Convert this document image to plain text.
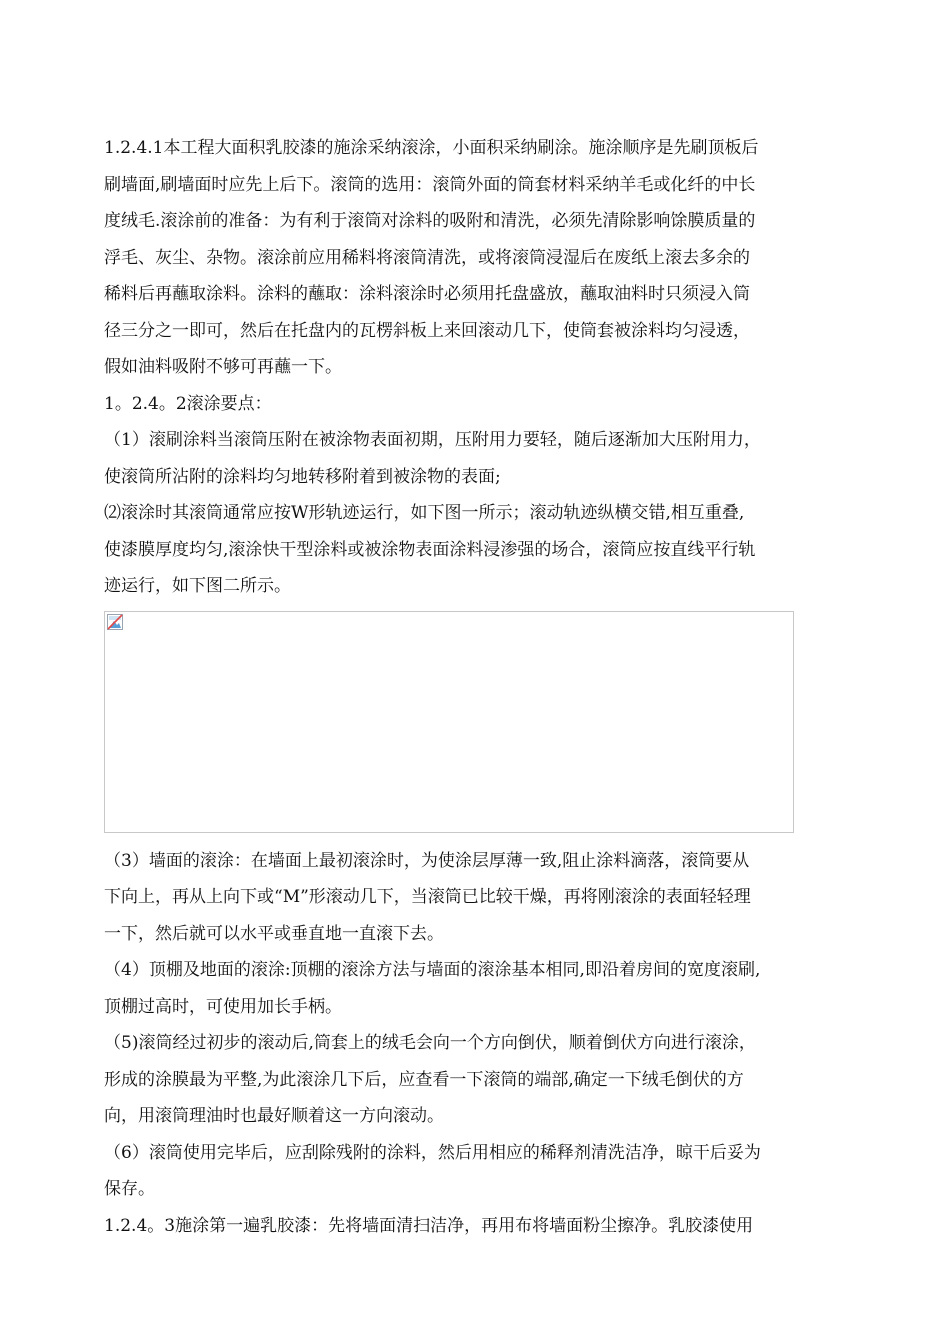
1.2.4.1本工程大面积乳胶漆的施涂采纳滚涂，小面积采纳刷涂。施涂顺序是先刷顶板后
刷墙面,刷墙面时应先上后下。滚筒的选用：滚筒外面的筒套材料采纳羊毛或化纤的中长
度绒毛.滚涂前的准备：为有利于滚筒对涂料的吸附和清洗，必须先清除影响馀膜质量的
浮毛、灰尘、杂物。滚涂前应用稀料将滚筒清洗，或将滚筒浸湿后在废纸上滚去多余的
稀料后再蘸取涂料。涂料的蘸取：涂料滚涂时必须用托盘盛放，蘸取油料时只须浸入筒
径三分之一即可，然后在托盘内的瓦楞斜板上来回滚动几下，使筒套被涂料均匀浸透，
假如油料吸附不够可再蘸一下。

1。2.4。2滚涂要点：

（1）滚刷涂料当滚筒压附在被涂物表面初期，压附用力要轻，随后逐渐加大压附用力，
使滚筒所沾附的涂料均匀地转移附着到被涂物的表面;

⑵滚涂时其滚筒通常应按W形轨迹运行，如下图一所示；滚动轨迹纵横交错,相互重叠,
使漆膜厚度均匀,滚涂快干型涂料或被涂物表面涂料浸渗强的场合，滚筒应按直线平行轨
迹运行，如下图二所示。

（3）墙面的滚涂：在墙面上最初滚涂时，为使涂层厚薄一致,阻止涂料滴落，滚筒要从
下向上，再从上向下或“M”形滚动几下，当滚筒已比较干燥，再将刚滚涂的表面轻轻理
一下，然后就可以水平或垂直地一直滚下去。

（4）顶棚及地面的滚涂:顶棚的滚涂方法与墙面的滚涂基本相同,即沿着房间的宽度滚刷,
顶棚过高时，可使用加长手柄。

（5)滚筒经过初步的滚动后,筒套上的绒毛会向一个方向倒伏，顺着倒伏方向进行滚涂，
形成的涂膜最为平整,为此滚涂几下后，应查看一下滚筒的端部,确定一下绒毛倒伏的方
向，用滚筒理油时也最好顺着这一方向滚动。

（6）滚筒使用完毕后，应刮除残附的涂料，然后用相应的稀释剂清洗洁净，晾干后妥为
保存。

1.2.4。3施涂第一遍乳胶漆：先将墙面清扫洁净，再用布将墙面粉尘擦净。乳胶漆使用
